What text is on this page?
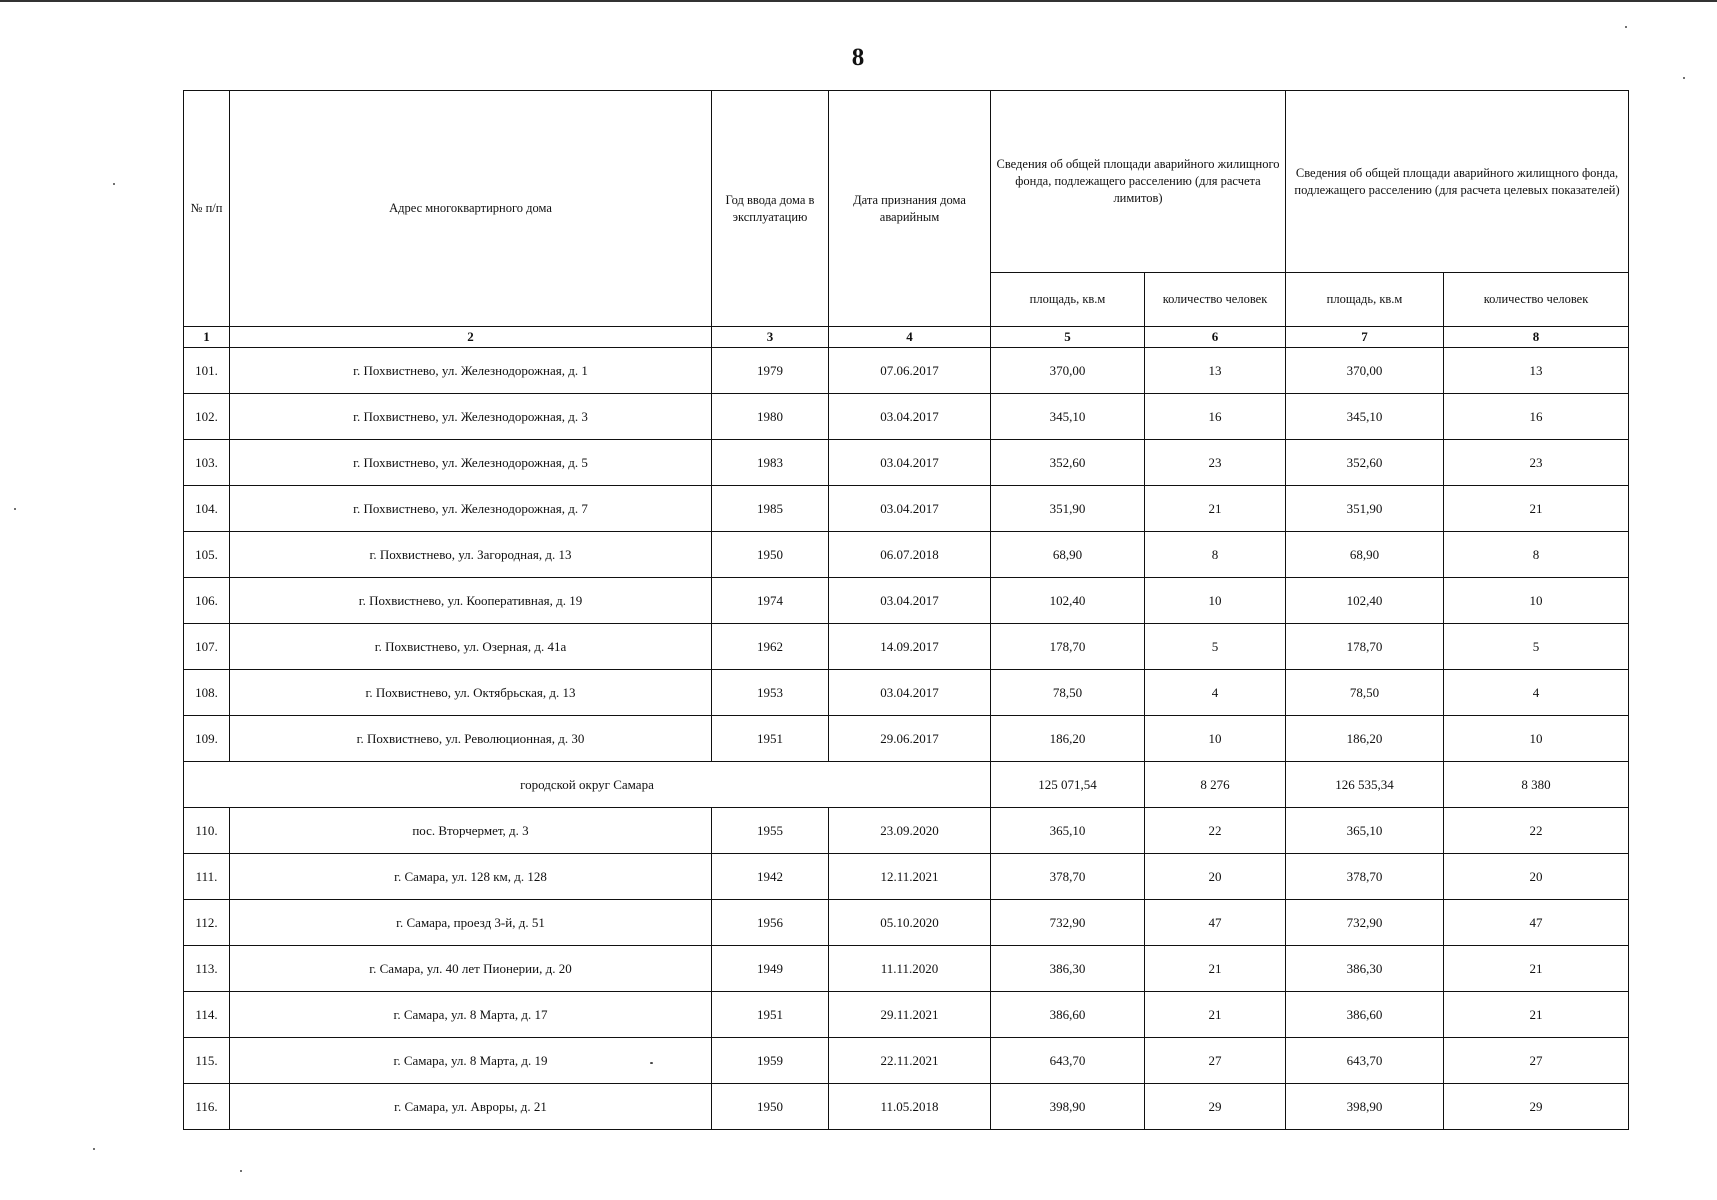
8
№ п/п	Адрес многоквартирного дома	Год ввода дома в эксплуатацию	Дата признания дома аварийным	Сведения об общей площади аварийного жилищного фонда, подлежащего расселению (для расчета лимитов)		Сведения об общей площади аварийного жилищного фонда, подлежащего расселению (для расчета целевых показателей)	
				площадь, кв.м	количество человек	площадь, кв.м	количество человек
1	2	3	4	5	6	7	8
101.	г. Похвистнево, ул. Железнодорожная, д. 1	1979	07.06.2017	370,00	13	370,00	13
102.	г. Похвистнево, ул. Железнодорожная, д. 3	1980	03.04.2017	345,10	16	345,10	16
103.	г. Похвистнево, ул. Железнодорожная, д. 5	1983	03.04.2017	352,60	23	352,60	23
104.	г. Похвистнево, ул. Железнодорожная, д. 7	1985	03.04.2017	351,90	21	351,90	21
105.	г. Похвистнево, ул. Загородная, д. 13	1950	06.07.2018	68,90	8	68,90	8
106.	г. Похвистнево, ул. Кооперативная, д. 19	1974	03.04.2017	102,40	10	102,40	10
107.	г. Похвистнево, ул. Озерная, д. 41а	1962	14.09.2017	178,70	5	178,70	5
108.	г. Похвистнево, ул. Октябрьская, д. 13	1953	03.04.2017	78,50	4	78,50	4
109.	г. Похвистнево, ул. Революционная, д. 30	1951	29.06.2017	186,20	10	186,20	10
городской округ Самара				125 071,54	8 276	126 535,34	8 380
110.	пос. Вторчермет, д. 3	1955	23.09.2020	365,10	22	365,10	22
111.	г. Самара, ул. 128 км, д. 128	1942	12.11.2021	378,70	20	378,70	20
112.	г. Самара, проезд 3-й, д. 51	1956	05.10.2020	732,90	47	732,90	47
113.	г. Самара, ул. 40 лет Пионерии, д. 20	1949	11.11.2020	386,30	21	386,30	21
114.	г. Самара, ул. 8 Марта, д. 17	1951	29.11.2021	386,60	21	386,60	21
115.	г. Самара, ул. 8 Марта, д. 19	1959	22.11.2021	643,70	27	643,70	27
116.	г. Самара, ул. Авроры, д. 21	1950	11.05.2018	398,90	29	398,90	29
